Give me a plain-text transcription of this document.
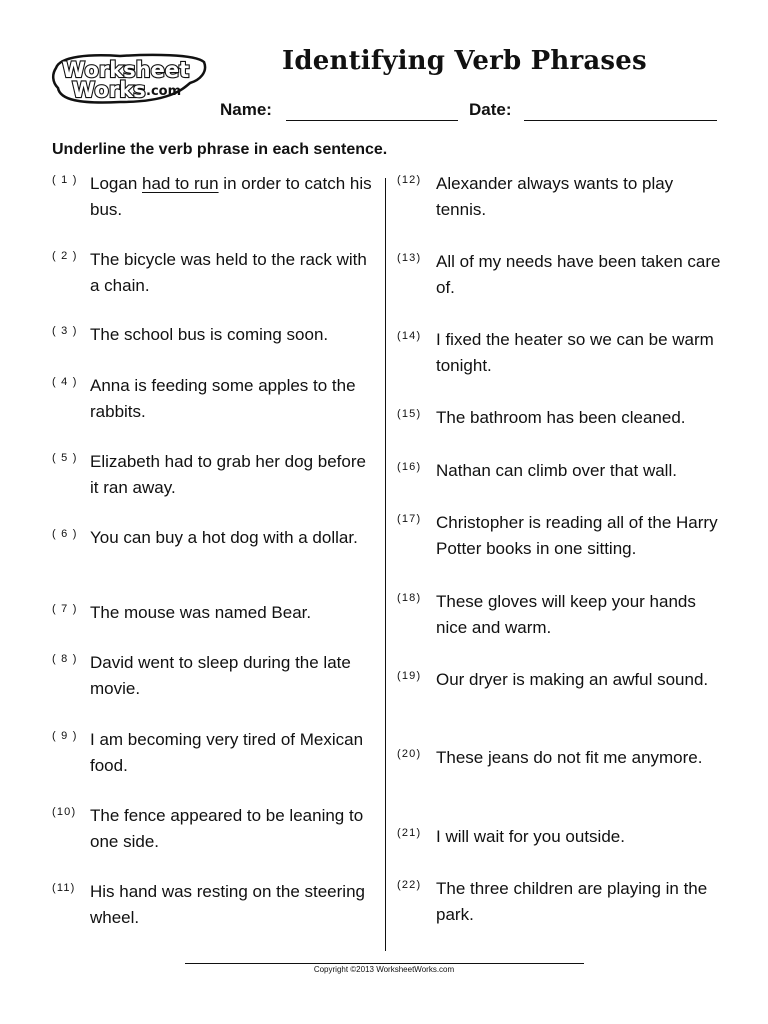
Worksheet
Works .com
Identifying Verb Phrases
Name:	Date:
Underline the verb phrase in each sentence.
( 1 ) Logan had to run in order to catch his bus.
( 2 ) The bicycle was held to the rack with a chain.
( 3 ) The school bus is coming soon.
( 4 ) Anna is feeding some apples to the rabbits.
( 5 ) Elizabeth had to grab her dog before it ran away.
( 6 ) You can buy a hot dog with a dollar.
( 7 ) The mouse was named Bear.
( 8 ) David went to sleep during the late movie.
( 9 ) I am becoming very tired of Mexican food.
(10) The fence appeared to be leaning to one side.
(11) His hand was resting on the steering wheel.
(12) Alexander always wants to play tennis.
(13) All of my needs have been taken care of.
(14) I fixed the heater so we can be warm tonight.
(15) The bathroom has been cleaned.
(16) Nathan can climb over that wall.
(17) Christopher is reading all of the Harry Potter books in one sitting.
(18) These gloves will keep your hands nice and warm.
(19) Our dryer is making an awful sound.
(20) These jeans do not fit me anymore.
(21) I will wait for you outside.
(22) The three children are playing in the park.
Copyright ©2013 WorksheetWorks.com
